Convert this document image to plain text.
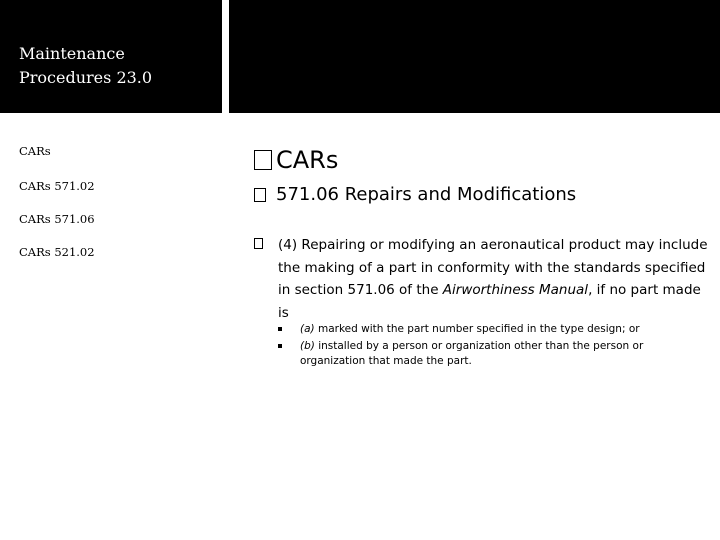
Maintenance
Procedures 23.0
CARs
CARs 571.02
CARs 571.06
CARs 521.02
CARs
571.06 Repairs and Modifications
(4) Repairing or modifying an aeronautical product may include the making of a part in conformity with the standards specified in section 571.06 of the Airworthiness Manual, if no part made is
(a) marked with the part number specified in the type design; or
(b) installed by a person or organization other than the person or organization that made the part.
